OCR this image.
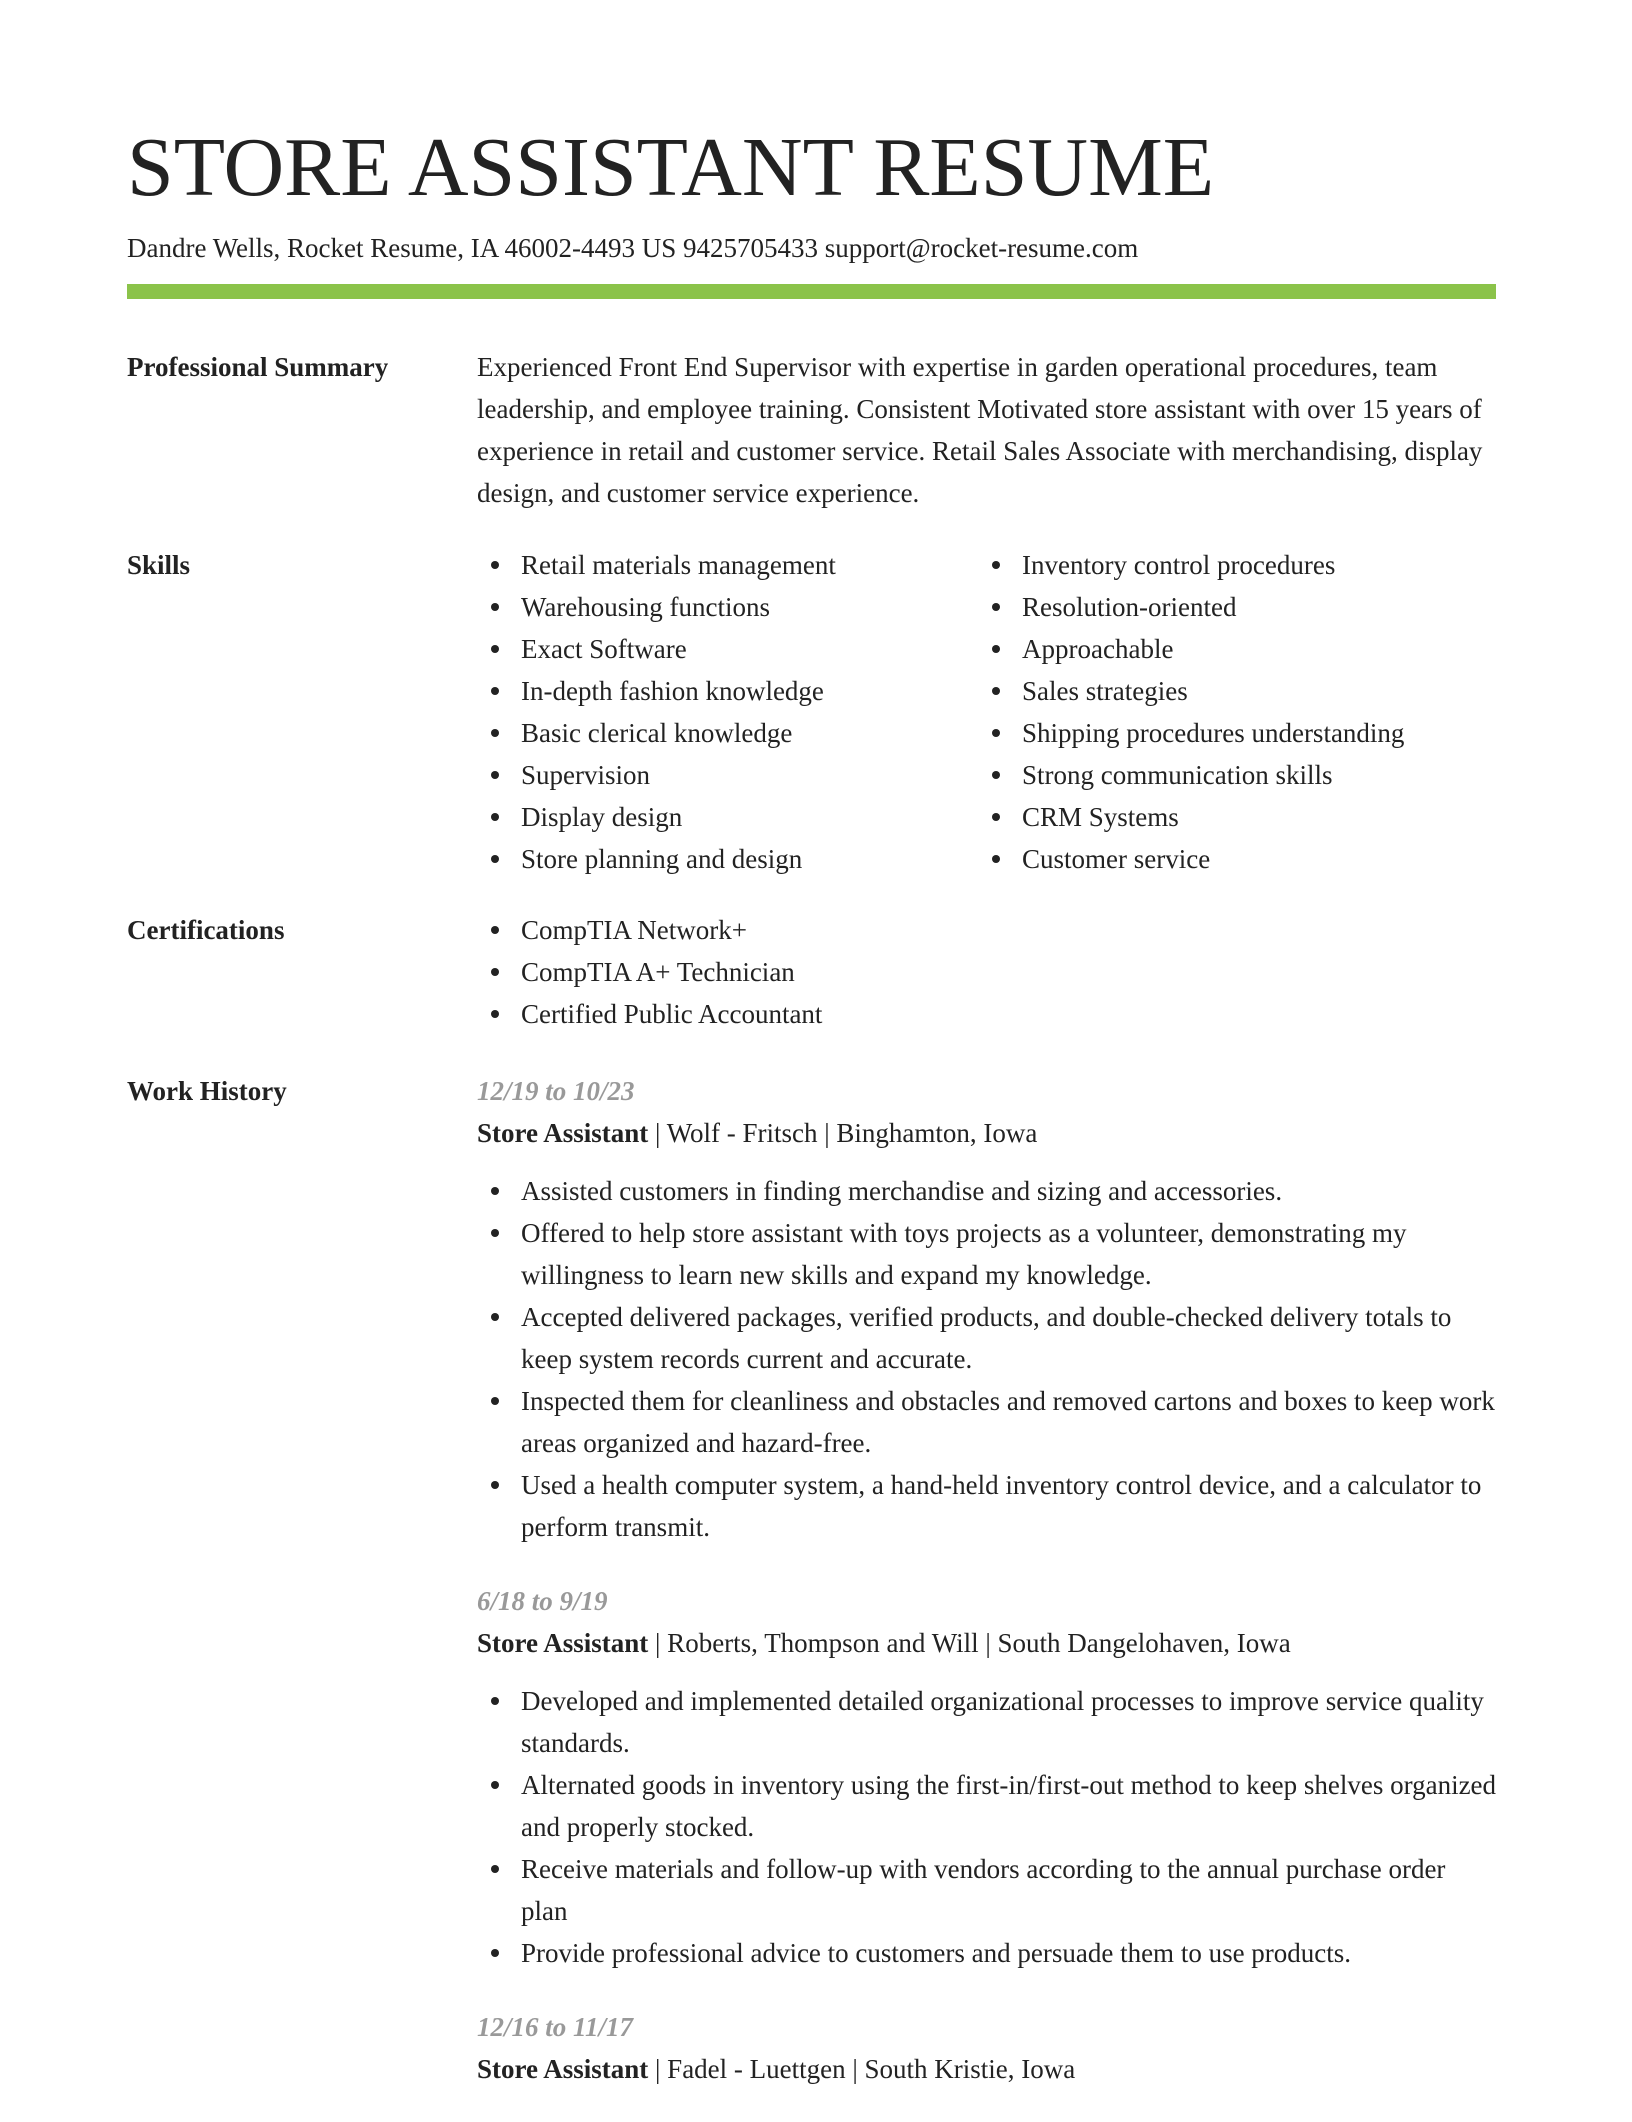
STORE ASSISTANT RESUME
Dandre Wells, Rocket Resume, IA 46002-4493 US 9425705433 support@rocket-resume.com
Professional Summary	Experienced Front End Supervisor with expertise in garden operational procedures, team leadership, and employee training. Consistent Motivated store assistant with over 15 years of experience in retail and customer service. Retail Sales Associate with merchandising, display design, and customer service experience.

Skills	Retail materials management
Warehousing functions
Exact Software
In-depth fashion knowledge
Basic clerical knowledge
Supervision
Display design
Store planning and design
Inventory control procedures
Resolution-oriented
Approachable
Sales strategies
Shipping procedures understanding
Strong communication skills
CRM Systems
Customer service
Certifications	CompTIA Network+
CompTIA A+ Technician
Certified Public Accountant
Work History	12/19 to 10/23
Store Assistant | Wolf - Fritsch | Binghamton, Iowa
Assisted customers in finding merchandise and sizing and accessories.
Offered to help store assistant with toys projects as a volunteer, demonstrating my willingness to learn new skills and expand my knowledge.
Accepted delivered packages, verified products, and double-checked delivery totals to keep system records current and accurate.
Inspected them for cleanliness and obstacles and removed cartons and boxes to keep work areas organized and hazard-free.
Used a health computer system, a hand-held inventory control device, and a calculator to perform transmit.
6/18 to 9/19
Store Assistant | Roberts, Thompson and Will | South Dangelohaven, Iowa
Developed and implemented detailed organizational processes to improve service quality standards.
Alternated goods in inventory using the first-in/first-out method to keep shelves organized and properly stocked.
Receive materials and follow-up with vendors according to the annual purchase order plan
Provide professional advice to customers and persuade them to use products.
12/16 to 11/17
Store Assistant | Fadel - Luettgen | South Kristie, Iowa
